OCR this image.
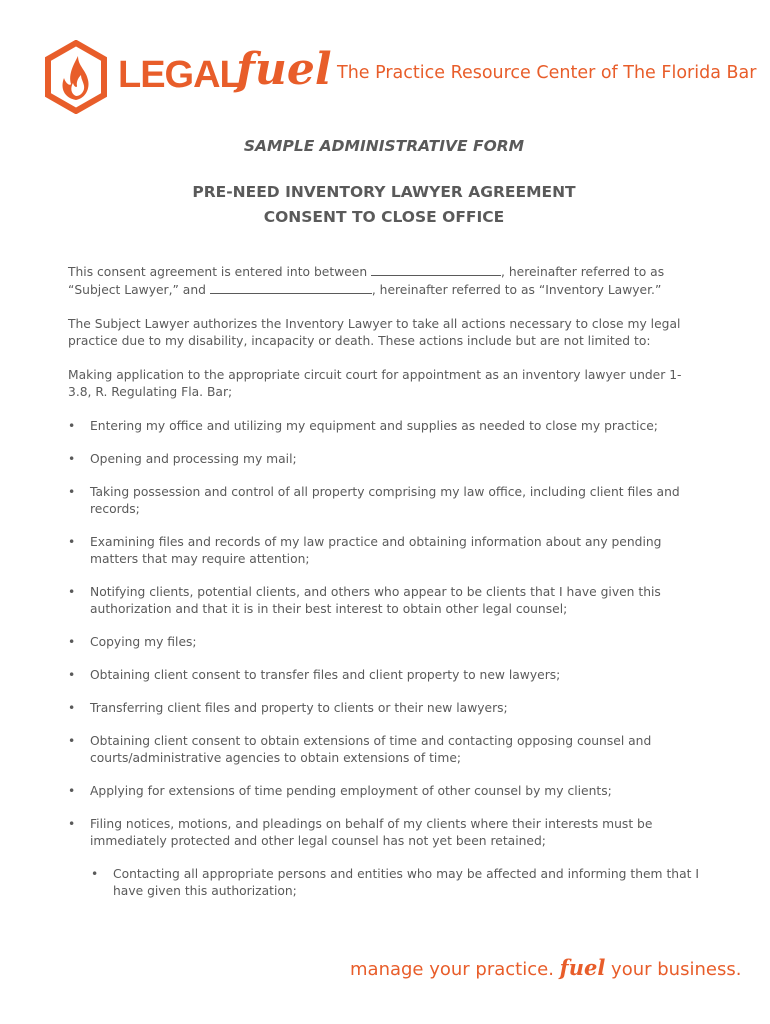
LEGAL
fuel The Practice Resource Center of The Florida Bar

SAMPLE ADMINISTRATIVE FORM

PRE-NEED INVENTORY LAWYER AGREEMENT
CONSENT TO CLOSE OFFICE

This consent agreement is entered into between	, hereinafter referred to as “Subject Lawyer,” and	, hereinafter referred to as “Inventory Lawyer.”

The Subject Lawyer authorizes the Inventory Lawyer to take all actions necessary to close my legal practice due to my disability, incapacity or death. These actions include but are not limited to:

Making application to the appropriate circuit court for appointment as an inventory lawyer under 1-3.8, R. Regulating Fla. Bar;

• Entering my office and utilizing my equipment and supplies as needed to close my practice;
• Opening and processing my mail;
• Taking possession and control of all property comprising my law office, including client files and records;
• Examining files and records of my law practice and obtaining information about any pending matters that may require attention;
• Notifying clients, potential clients, and others who appear to be clients that I have given this authorization and that it is in their best interest to obtain other legal counsel;
• Copying my files;
• Obtaining client consent to transfer files and client property to new lawyers;
• Transferring client files and property to clients or their new lawyers;
• Obtaining client consent to obtain extensions of time and contacting opposing counsel and courts/administrative agencies to obtain extensions of time;
• Applying for extensions of time pending employment of other counsel by my clients;
• Filing notices, motions, and pleadings on behalf of my clients where their interests must be immediately protected and other legal counsel has not yet been retained;
• Contacting all appropriate persons and entities who may be affected and informing them that I have given this authorization;
manage your practice. fuel your business.
